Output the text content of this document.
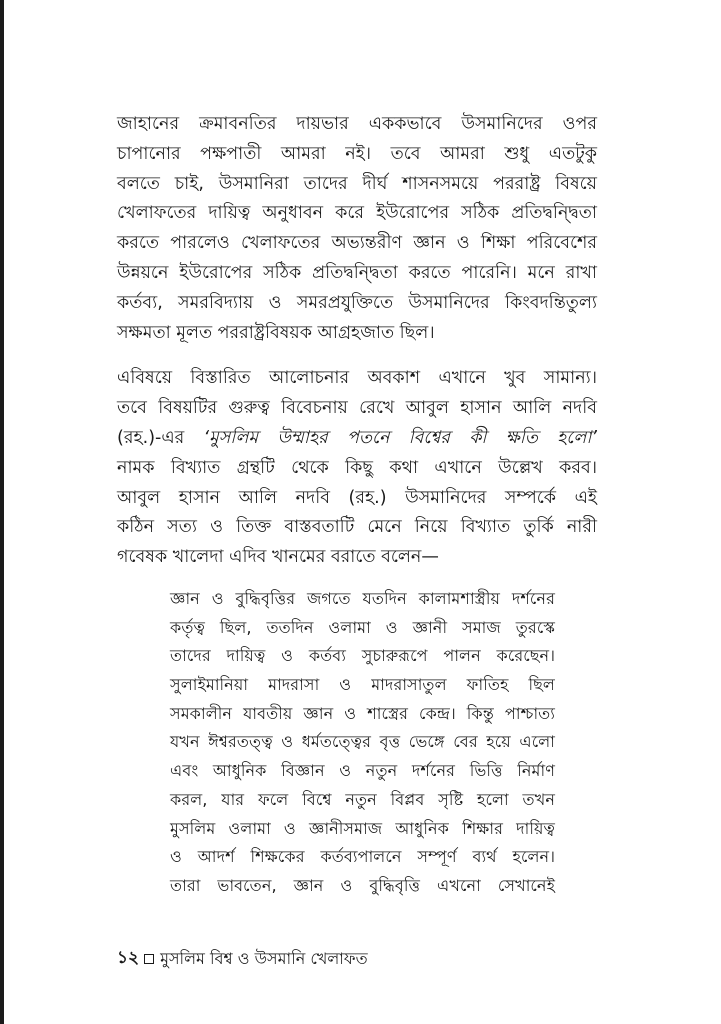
জাহানের ক্রমাবনতির দায়ভার এককভাবে উসমানিদের ওপর
চাপানোর পক্ষপাতী আমরা নই। তবে আমরা শুধু এতটুকু
বলতে চাই, উসমানিরা তাদের দীর্ঘ শাসনসময়ে পররাষ্ট্র বিষয়ে
খেলাফতের দায়িত্ব অনুধাবন করে ইউরোপের সঠিক প্রতিদ্বন্দ্বিতা
করতে পারলেও খেলাফতের অভ্যন্তরীণ জ্ঞান ও শিক্ষা পরিবেশের
উন্নয়নে ইউরোপের সঠিক প্রতিদ্বন্দ্বিতা করতে পারেনি। মনে রাখা
কর্তব্য, সমরবিদ্যায় ও সমরপ্রযুক্তিতে উসমানিদের কিংবদন্তিতুল্য
সক্ষমতা মূলত পররাষ্ট্রবিষয়ক আগ্রহজাত ছিল।
এবিষয়ে বিস্তারিত আলোচনার অবকাশ এখানে খুব সামান্য।
তবে বিষয়টির গুরুত্ব বিবেচনায় রেখে আবুল হাসান আলি নদবি
(রহ.)-এর ‘মুসলিম উম্মাহর পতনে বিশ্বের কী ক্ষতি হলো’
নামক বিখ্যাত গ্রন্থটি থেকে কিছু কথা এখানে উল্লেখ করব।
আবুল হাসান আলি নদবি (রহ.) উসমানিদের সম্পর্কে এই
কঠিন সত্য ও তিক্ত বাস্তবতাটি মেনে নিয়ে বিখ্যাত তুর্কি নারী
গবেষক খালেদা এদিব খানমের বরাতে বলেন—
জ্ঞান ও বুদ্ধিবৃত্তির জগতে যতদিন কালামশাস্ত্রীয় দর্শনের
কর্তৃত্ব ছিল, ততদিন ওলামা ও জ্ঞানী সমাজ তুরস্কে
তাদের দায়িত্ব ও কর্তব্য সুচারুরূপে পালন করেছেন।
সুলাইমানিয়া মাদরাসা ও মাদরাসাতুল ফাতিহ ছিল
সমকালীন যাবতীয় জ্ঞান ও শাস্ত্রের কেন্দ্র। কিন্তু পাশ্চাত্য
যখন ঈশ্বরতত্ত্ব ও ধর্মতত্ত্বের বৃত্ত ভেঙ্গে বের হয়ে এলো
এবং আধুনিক বিজ্ঞান ও নতুন দর্শনের ভিত্তি নির্মাণ
করল, যার ফলে বিশ্বে নতুন বিপ্লব সৃষ্টি হলো তখন
মুসলিম ওলামা ও জ্ঞানীসমাজ আধুনিক শিক্ষার দায়িত্ব
ও আদর্শ শিক্ষকের কর্তব্যপালনে সম্পূর্ণ ব্যর্থ হলেন।
তারা ভাবতেন, জ্ঞান ও বুদ্ধিবৃত্তি এখনো সেখানেই
১২ মুসলিম বিশ্ব ও উসমানি খেলাফত
